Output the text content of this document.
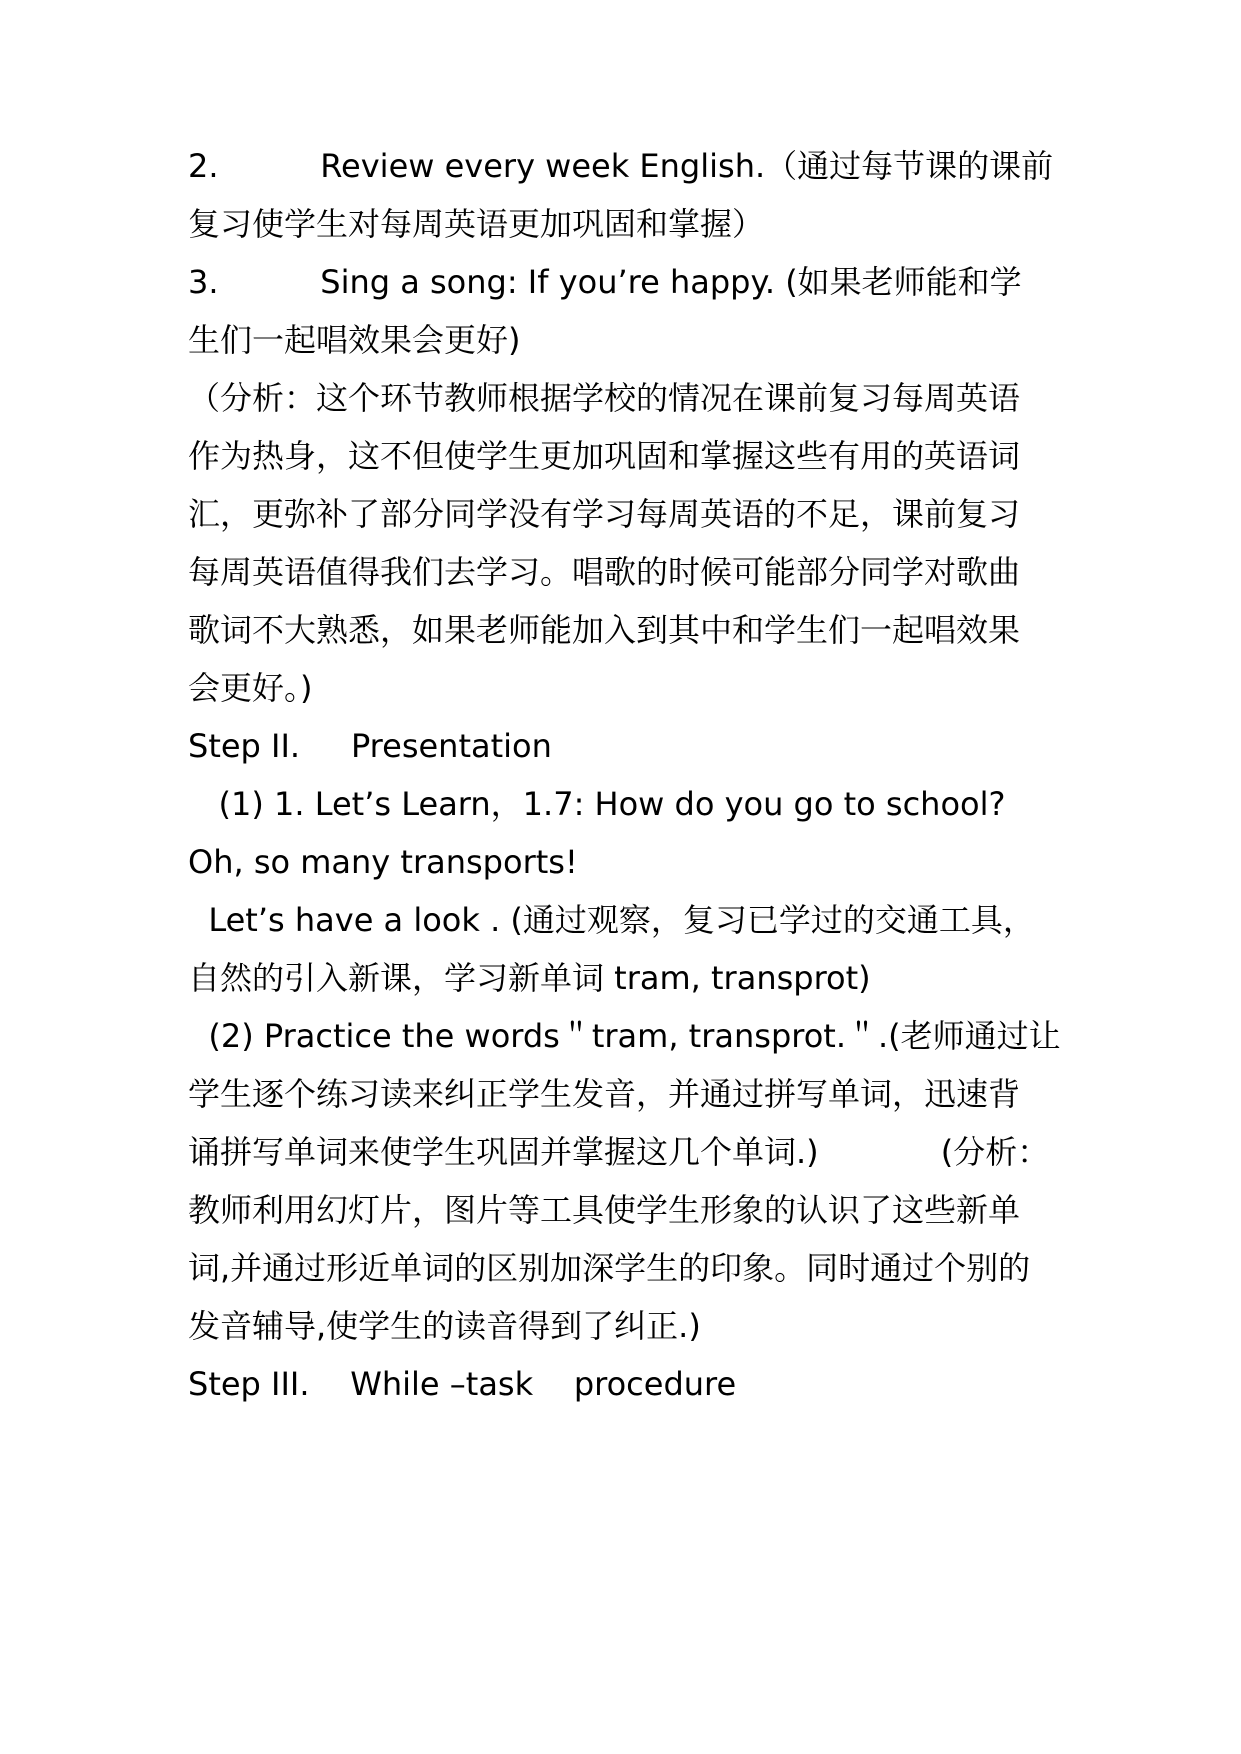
2.          Review every week English.（通过每节课的课前

复习使学生对每周英语更加巩固和掌握）

3.          Sing a song: If you’re happy. (如果老师能和学

生们一起唱效果会更好)

（分析：这个环节教师根据学校的情况在课前复习每周英语

作为热身，这不但使学生更加巩固和掌握这些有用的英语词

汇，更弥补了部分同学没有学习每周英语的不足，课前复习

每周英语值得我们去学习。唱歌的时候可能部分同学对歌曲

歌词不大熟悉，如果老师能加入到其中和学生们一起唱效果

会更好。)

Step II.     Presentation

(1) 1. Let’s Learn，1.7: How do you go to school?

Oh, so many transports!

Let’s have a look . (通过观察，复习已学过的交通工具，

自然的引入新课，学习新单词 tram, transprot)

(2) Practice the words＂tram, transprot.＂.(老师通过让

学生逐个练习读来纠正学生发音，并通过拼写单词，迅速背

诵拼写单词来使学生巩固并掌握这几个单词.)            (分析：

教师利用幻灯片，图片等工具使学生形象的认识了这些新单

词,并通过形近单词的区别加深学生的印象。同时通过个别的

发音辅导,使学生的读音得到了纠正.)

Step III.    While –task    procedure
